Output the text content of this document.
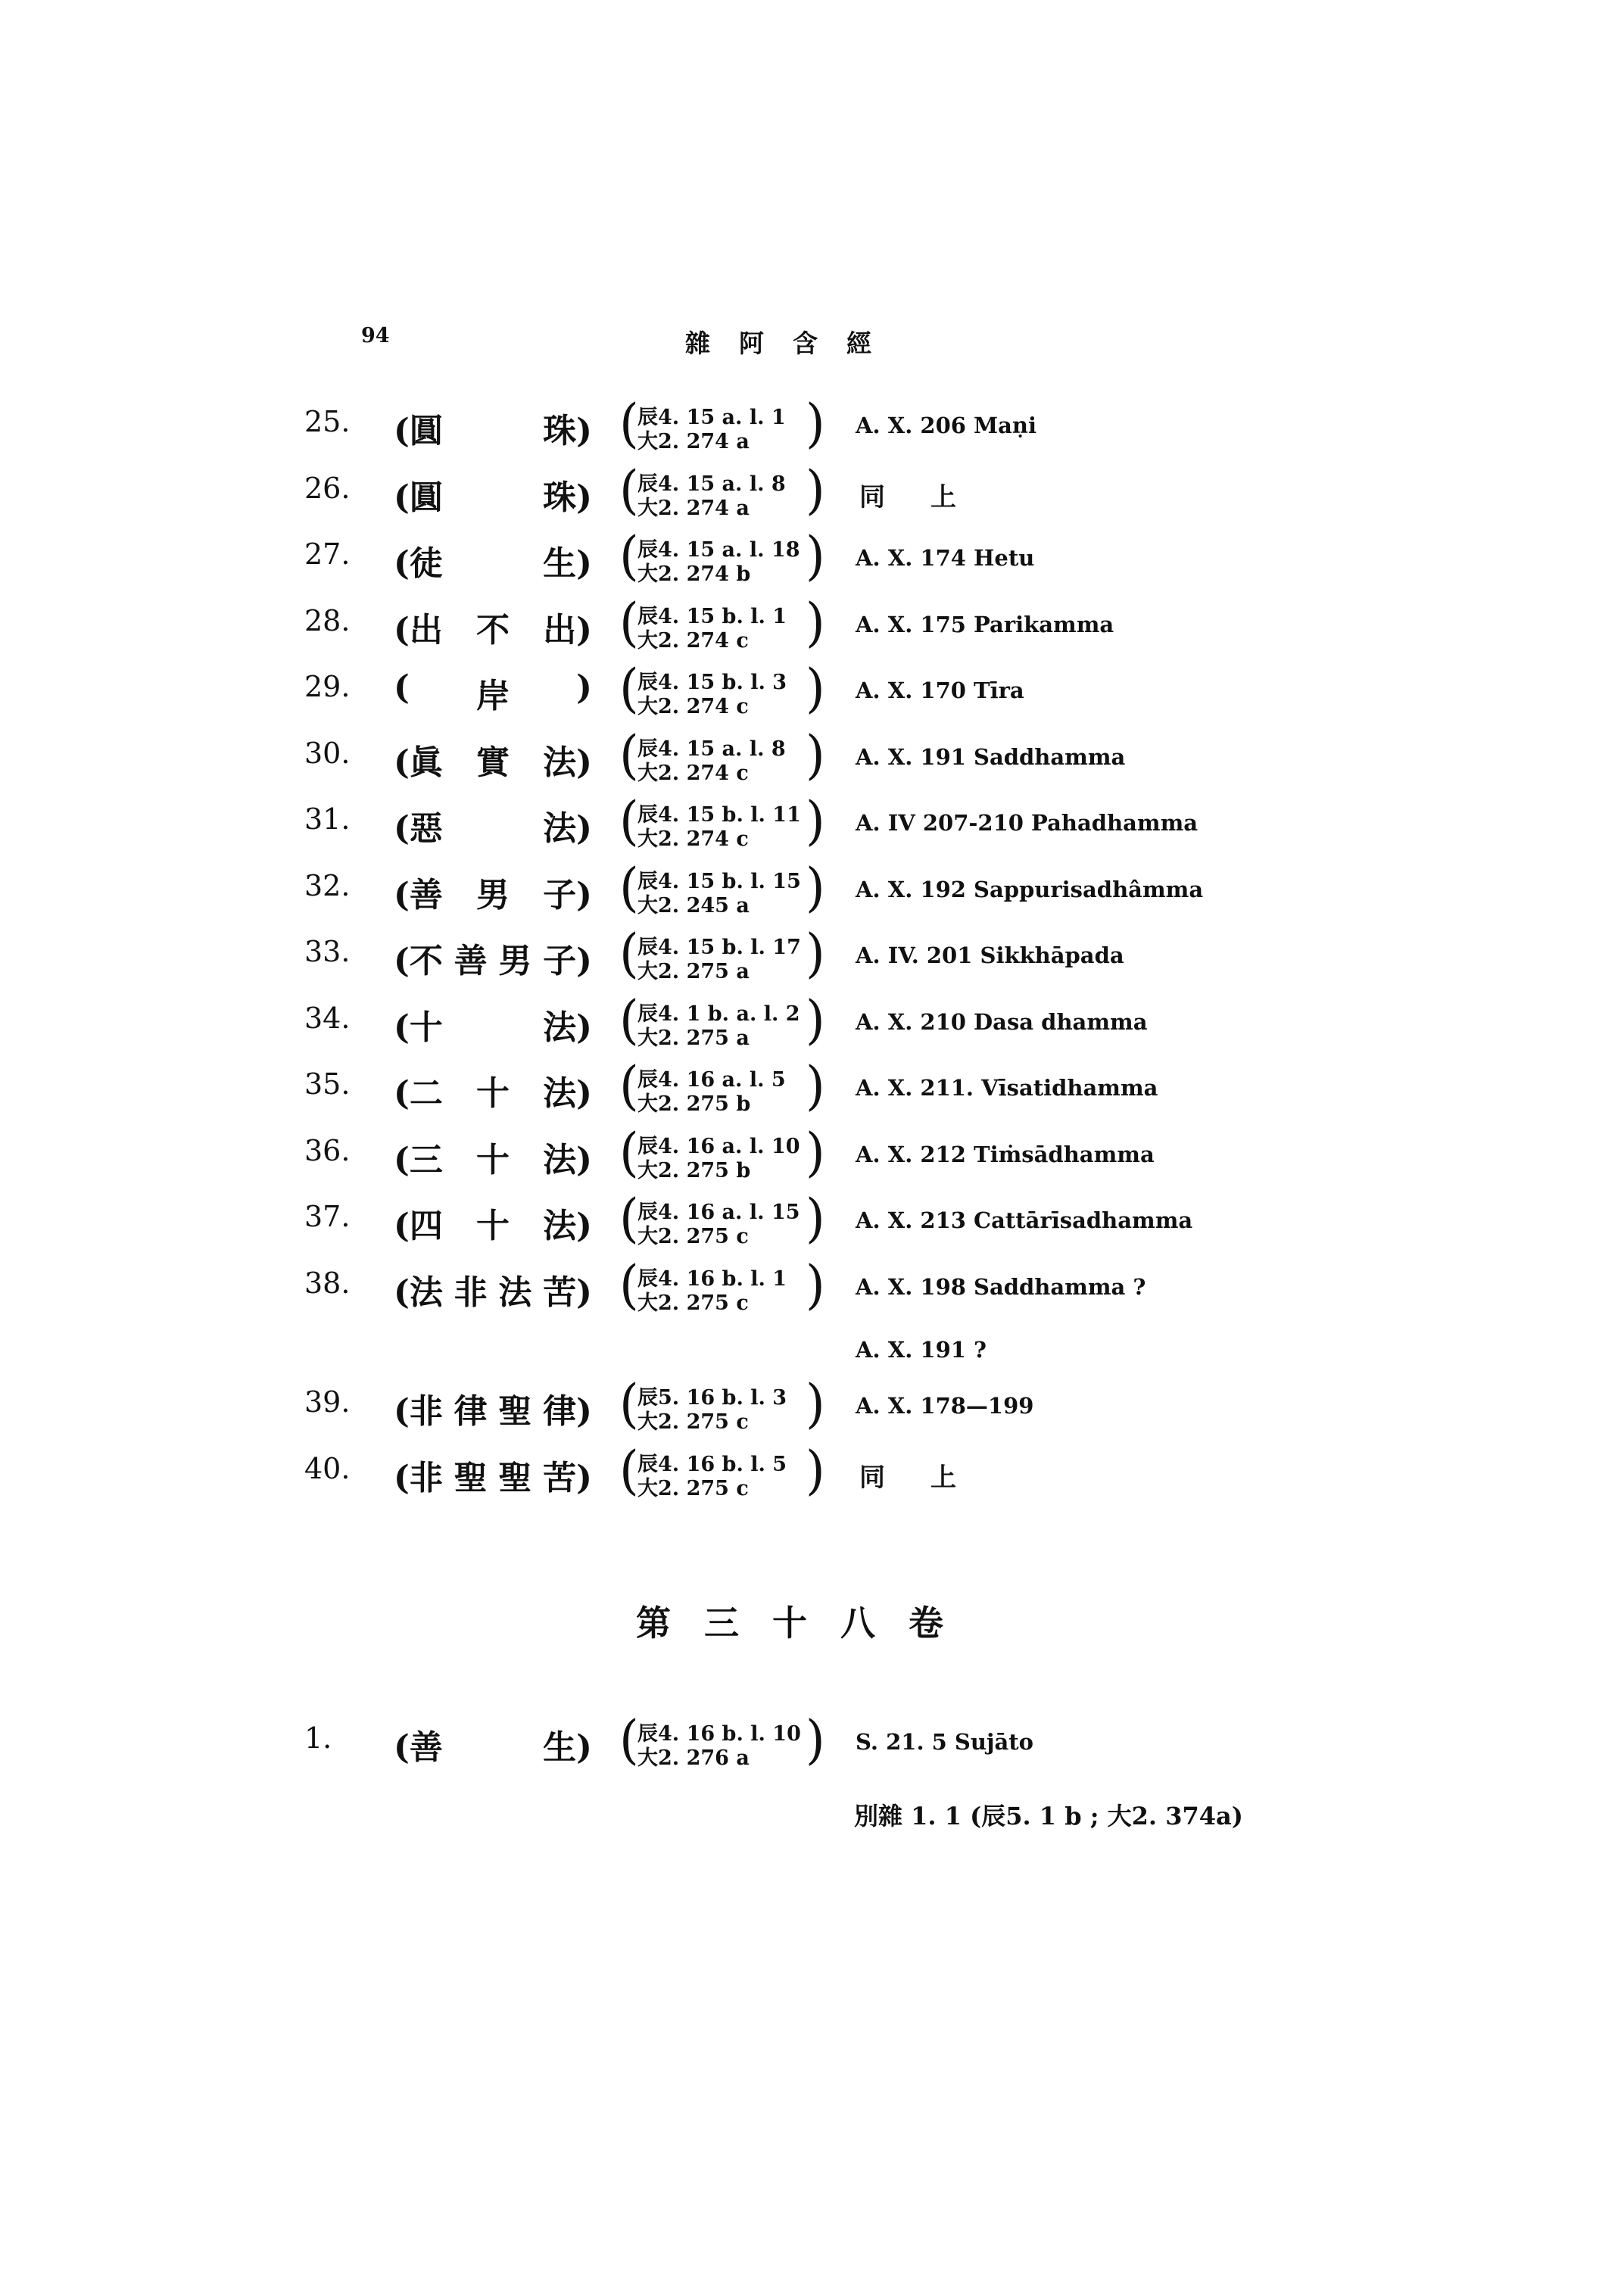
94	雜阿含經
25.	(圓	珠) (
辰4. 15 a. l. 1
大2. 274 a ) A. X. 206 Maṇi
26.	(圓	珠) (
辰4. 15 a. l. 8
大2. 274 a ) 同上
27.	(徒	生) (
辰4. 15 a. l. 18
大2. 274 b ) A. X. 174 Hetu
28.	(出 不 出) (
辰4. 15 b. l. 1
大2. 274 c ) A. X. 175 Parikamma
29.	( 岸 ) (
辰4. 15 b. l. 3
大2. 274 c ) A. X. 170 Tīra
30.	(眞 實 法) (
辰4. 15 a. l. 8
大2. 274 c ) A. X. 191 Saddhamma
31.	(惡	法) (
辰4. 15 b. l. 11
大2. 274 c ) A. IV 207-210 Pahadhamma
32.	(善 男 子) (
辰4. 15 b. l. 15
大2. 245 a ) A. X. 192 Sappurisadhâmma
33.	(不 善 男 子) (
辰4. 15 b. l. 17
大2. 275 a ) A. IV. 201 Sikkhāpada
34.	(十	法) (
辰4. 1 b. a. l. 2
大2. 275 a ) A. X. 210 Dasa dhamma
35.	(二 十 法) (
辰4. 16 a. l. 5
大2. 275 b ) A. X. 211. Vīsatidhamma
36.	(三 十 法) (
辰4. 16 a. l. 10
大2. 275 b ) A. X. 212 Tiṁsādhamma
37.	(四 十 法) (
辰4. 16 a. l. 15
大2. 275 c ) A. X. 213 Cattārīsadhamma
38.	(法 非 法 苦) (
辰4. 16 b. l. 1
大2. 275 c ) A. X. 198 Saddhamma ?
A. X. 191 ?
39.	(非 律 聖 律) (
辰5. 16 b. l. 3
大2. 275 c ) A. X. 178—199
40.	(非 聖 聖 苦) (
辰4. 16 b. l. 5
大2. 275 c ) 同上
第三十八卷
1.	(善	生) (
辰4. 16 b. l. 10
大2. 276 a ) S. 21. 5 Sujāto
別雜 1. 1 (辰5. 1 b ; 大2. 374a)
